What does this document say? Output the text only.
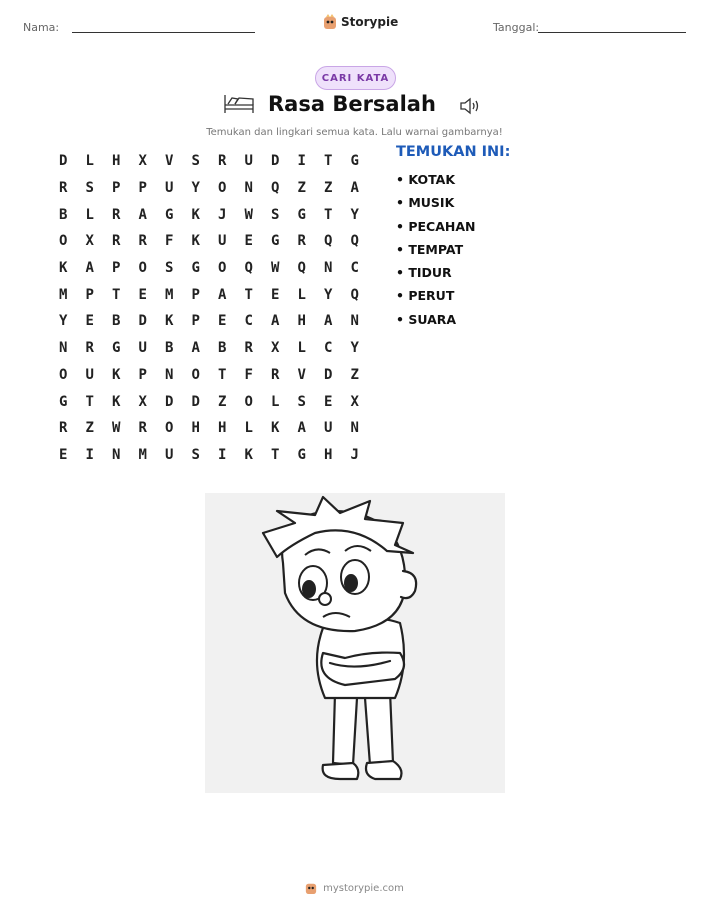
Nama:	Storypie	Tanggal:
CARI KATA
Rasa Bersalah
Temukan dan lingkari semua kata. Lalu warnai gambarnya!
D	L	H	X	V	S	R	U	D	I	T	G
R	S	P	P	U	Y	O	N	Q	Z	Z	A
B	L	R	A	G	K	J	W	S	G	T	Y
O	X	R	R	F	K	U	E	G	R	Q	Q
K	A	P	O	S	G	O	Q	W	Q	N	C
M	P	T	E	M	P	A	T	E	L	Y	Q
Y	E	B	D	K	P	E	C	A	H	A	N
N	R	G	U	B	A	B	R	X	L	C	Y
O	U	K	P	N	O	T	F	R	V	D	Z
G	T	K	X	D	D	Z	O	L	S	E	X
R	Z	W	R	O	H	H	L	K	A	U	N
E	I	N	M	U	S	I	K	T	G	H	J
TEMUKAN INI:
• KOTAK
• MUSIK
• PECAHAN
• TEMPAT
• TIDUR
• PERUT
• SUARA
mystorypie.com
